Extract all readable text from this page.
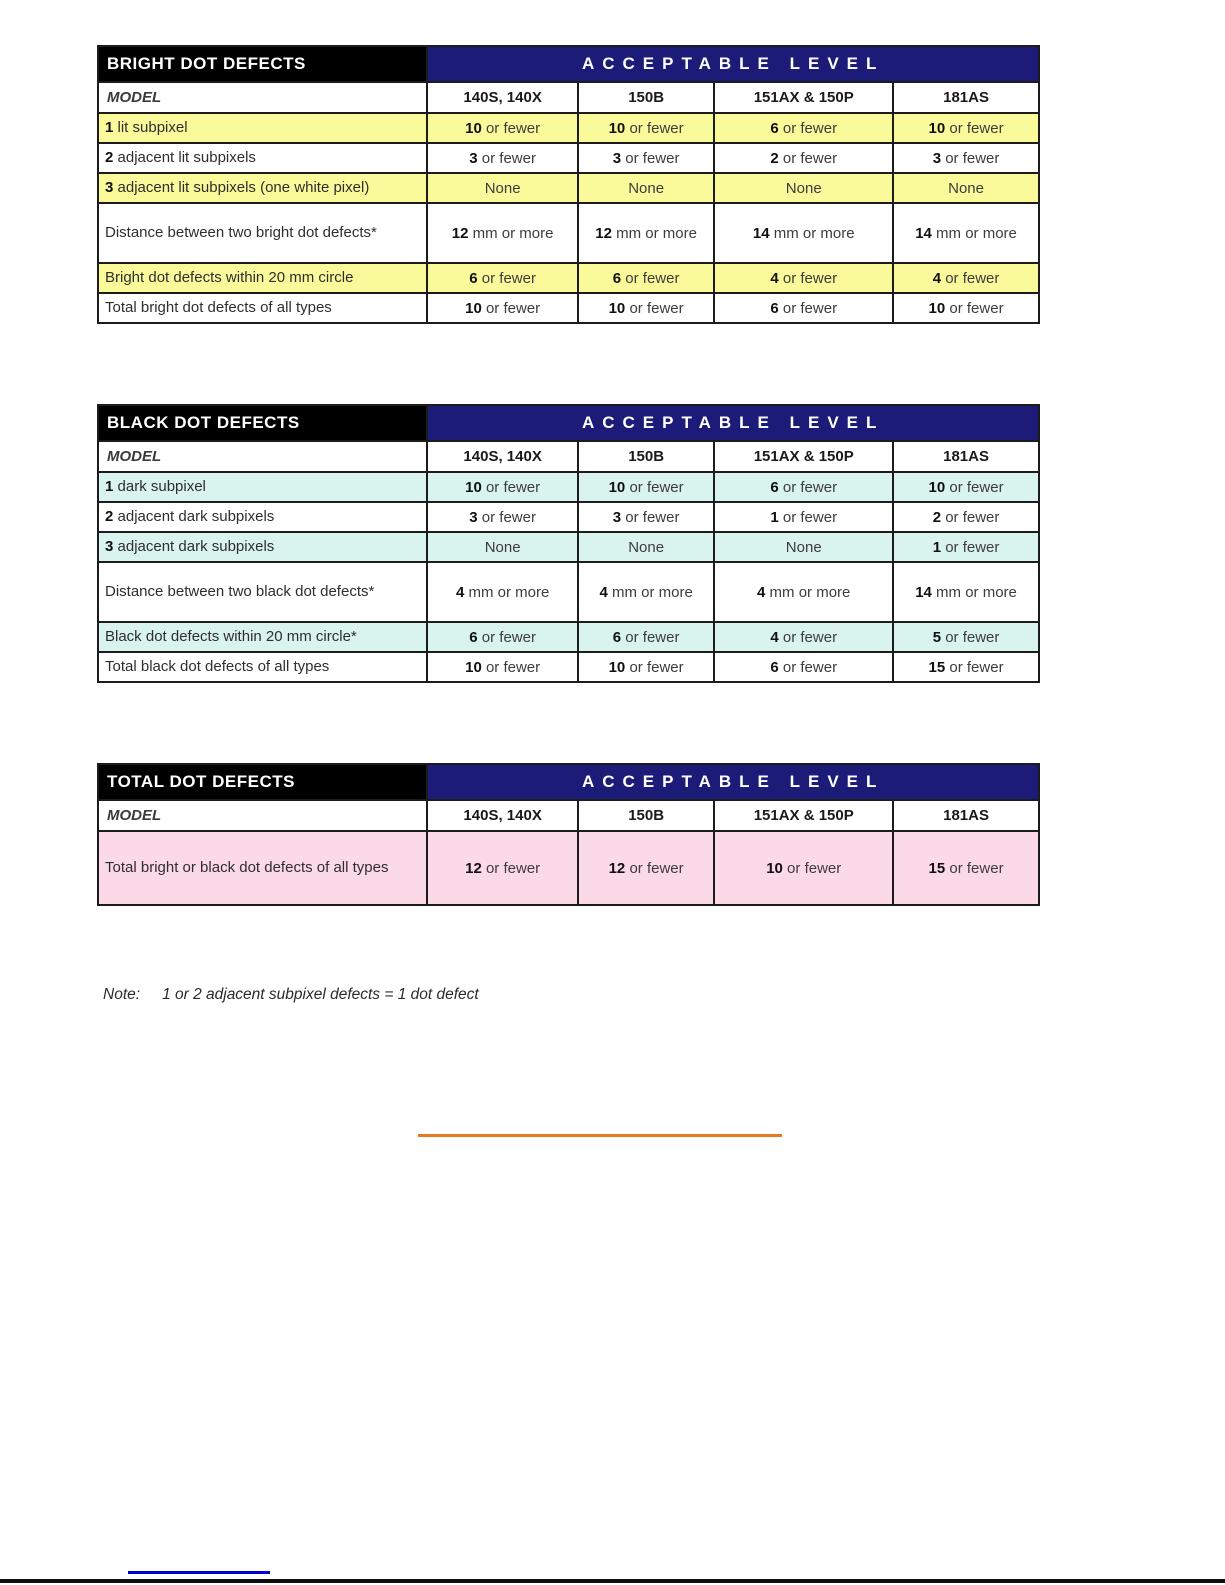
BRIGHT DOT DEFECTS	ACCEPTABLE LEVEL			
MODEL	140S, 140X	150B	151AX & 150P	181AS
1 lit subpixel	10 or fewer	10 or fewer	6 or fewer	10 or fewer
2 adjacent lit subpixels	3 or fewer	3 or fewer	2 or fewer	3 or fewer
3 adjacent lit subpixels (one white pixel)	None	None	None	None
Distance between two bright dot defects*	12 mm or more	12 mm or more	14 mm or more	14 mm or more
Bright dot defects within 20 mm circle	6 or fewer	6 or fewer	4 or fewer	4 or fewer
Total bright dot defects of all types	10 or fewer	10 or fewer	6 or fewer	10 or fewer
BLACK DOT DEFECTS	ACCEPTABLE LEVEL			
MODEL	140S, 140X	150B	151AX & 150P	181AS
1 dark subpixel	10 or fewer	10 or fewer	6 or fewer	10 or fewer
2 adjacent dark subpixels	3 or fewer	3 or fewer	1 or fewer	2 or fewer
3 adjacent dark subpixels	None	None	None	1 or fewer
Distance between two black dot defects*	4 mm or more	4 mm or more	4 mm or more	14 mm or more
Black dot defects within 20 mm circle*	6 or fewer	6 or fewer	4 or fewer	5 or fewer
Total black dot defects of all types	10 or fewer	10 or fewer	6 or fewer	15 or fewer
TOTAL DOT DEFECTS	ACCEPTABLE LEVEL			
MODEL	140S, 140X	150B	151AX & 150P	181AS
Total bright or black dot defects of all types	12 or fewer	12 or fewer	10 or fewer	15 or fewer

Note: 1 or 2 adjacent subpixel defects = 1 dot defect
